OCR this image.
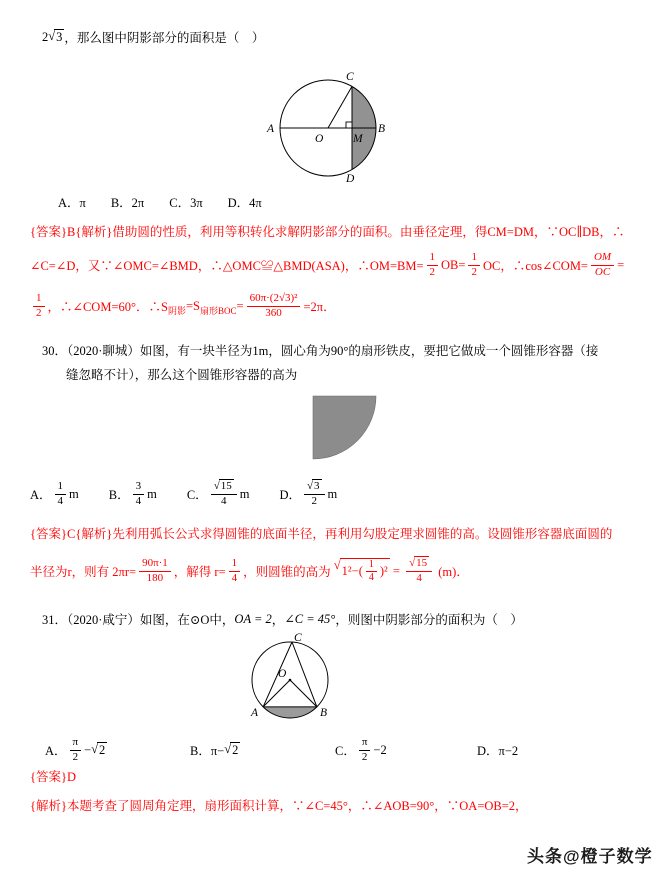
2 √ 3 ，那么图中阴影部分的面积是（　）
C
A
O	M
B
D
A．π　　B．2π　　C．3π　　D．4π
{答案}B{解析}借助圆的性质，利用等积转化求解阴影部分的面积。由垂径定理，得CM=DM，∵OC∥DB，∴
∠C=∠D，又∵∠OMC=∠BMD，∴△OMC≌△BMD(ASA)，∴OM=BM= $\frac{1}{2} OB= \frac{1}{2}$ OC，∴cos∠COM= $\frac{OM}{OC}$ =
$\frac{1}{2}$ ，∴∠COM=60°．∴S 阴影 =S 扇形BOC = $\frac{\text{60π·(2√3)²}}{360} =2\pi$．
30．（2020·聊城）如图，有一块半径为1m，圆心角为90°的扇形铁皮，要把它做成一个圆锥形容器（接
缝忽略不计），那么这个圆锥形容器的高为
A． $\frac{1}{4}$ m B． $\frac{3}{4}$ m C． $\frac{√ 15}{4}$ m D． $\frac{√ 3}{2}$ m
{答案}C{解析}先利用弧长公式求得圆锥的底面半径，再利用勾股定理求圆锥的高。设圆锥形容器底面圆的
半径为r，则有 $2\pi r= \frac{90\pi\cdot 1}{180}$ ，解得 $r= \frac{1}{4}$ ，则圆锥的高为
√ $1^2-( \frac{1}{4} )^2 = \frac{√ 15}{4} (m)$．
31．（2020·咸宁）如图，在⊙O中， OA = 2 ， ∠C = 45° ，则图中阴影部分的面积为（　）
C
O
A	B
A． $\frac{\pi}{2}$ − √ 2	B．π− √ 2	C． $\frac{\pi}{2} -2$	D．π−2
{答案}D
{解析}本题考查了圆周角定理，扇形面积计算，∵∠C=45°，∴∠AOB=90°，∵OA=OB=2，
头条@橙子数学
